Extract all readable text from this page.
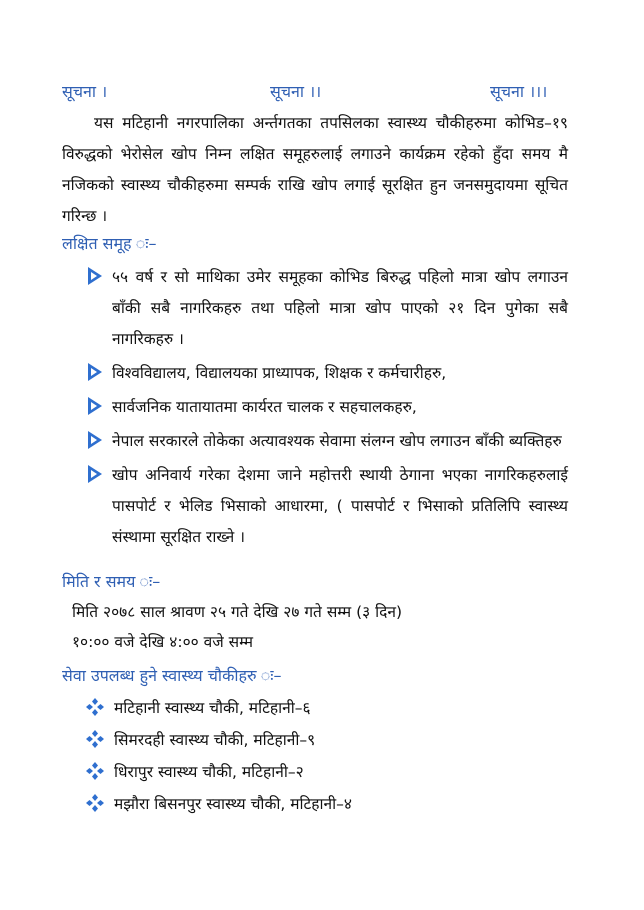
सूचना ।	सूचना ।।	सूचना ।।।

यस मटिहानी नगरपालिका अर्न्तगतका तपसिलका स्वास्थ्य चौकीहरुमा कोभिड–१९ विरुद्धको भेरोसेल खोप निम्न लक्षित समूहरुलाई लगाउने कार्यक्रम रहेको हुँदा समय मै नजिकको स्वास्थ्य चौकीहरुमा सम्पर्क राखि खोप लगाई सूरक्षित हुन जनसमुदायमा सूचित गरिन्छ ।

लक्षित समूह ः–
५५ वर्ष र सो माथिका उमेर समूहका कोभिड बिरुद्ध पहिलो मात्रा खोप लगाउन बाँकी सबै नागरिकहरु तथा पहिलो मात्रा खोप पाएको २१ दिन पुगेका सबै नागरिकहरु ।
विश्वविद्यालय, विद्यालयका प्राध्यापक, शिक्षक र कर्मचारीहरु,
सार्वजनिक यातायातमा कार्यरत चालक र सहचालकहरु,
नेपाल सरकारले तोकेका अत्यावश्यक सेवामा संलग्न खोप लगाउन बाँकी ब्यक्तिहरु
खोप अनिवार्य गरेका देशमा जाने महोत्तरी स्थायी ठेगाना भएका नागरिकहरुलाई पासपोर्ट र भेलिड भिसाको आधारमा, ( पासपोर्ट र भिसाको प्रतिलिपि स्वास्थ्य संस्थामा सूरक्षित राख्ने ।
मिति र समय ः–
मिति २०७८ साल श्रावण २५ गते देखि २७ गते सम्म (३ दिन)
१०:०० वजे देखि ४:०० वजे सम्म
सेवा उपलब्ध हुने स्वास्थ्य चौकीहरु ः–
मटिहानी स्वास्थ्य चौकी, मटिहानी–६
सिमरदही स्वास्थ्य चौकी, मटिहानी–९
धिरापुर स्वास्थ्य चौकी, मटिहानी–२
मझौरा बिसनपुर स्वास्थ्य चौकी, मटिहानी–४
